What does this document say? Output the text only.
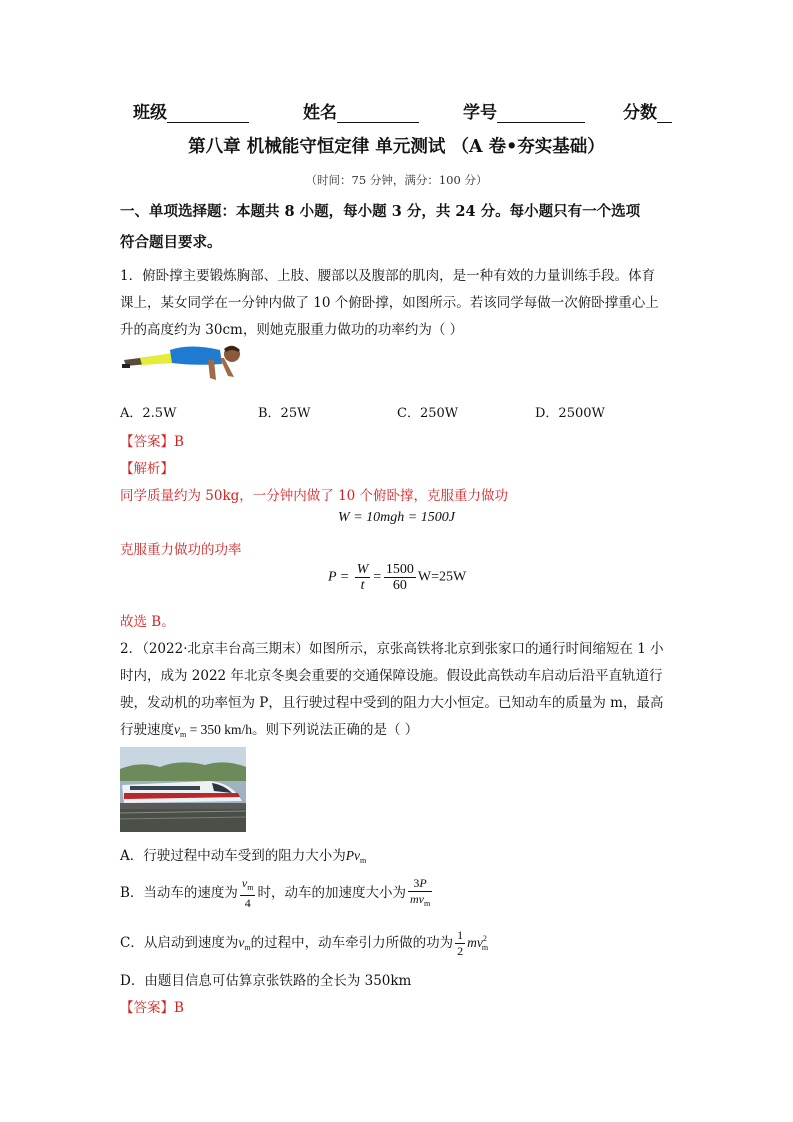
班级	姓名	学号	分数
第八章 机械能守恒定律 单元测试 （A 卷•夯实基础）
（时间：75 分钟，满分：100 分）
一、单项选择题：本题共 8 小题，每小题 3 分，共 24 分。每小题只有一个选项
符合题目要求。
1．俯卧撑主要锻炼胸部、上肢、腰部以及腹部的肌肉，是一种有效的力量训练手段。体育
课上，某女同学在一分钟内做了 10 个俯卧撑，如图所示。若该同学每做一次俯卧撑重心上
升的高度约为 30cm，则她克服重力做功的功率约为（ ）
A．2.5W	B．25W	C．250W	D．2500W
【答案】B
【解析】
同学质量约为 50kg，一分钟内做了 10 个俯卧撑，克服重力做功
W = 10mgh = 1500J
克服重力做功的功率
$P = \frac{W}{t} = \frac{1500}{60} W=25W$
故选 B。
2．（2022·北京丰台高三期末）如图所示，京张高铁将北京到张家口的通行时间缩短在 1 小
时内，成为 2022 年北京冬奥会重要的交通保障设施。假设此高铁动车启动后沿平直轨道行
驶，发动机的功率恒为 P，且行驶过程中受到的阻力大小恒定。已知动车的质量为 m，最高
行驶速度$v_m = 350$ km/h。则下列说法正确的是（ ）
A．行驶过程中动车受到的阻力大小为$Pv_m$
B．当动车的速度为 $\frac{v_m}{4}$ 时，动车的加速度大小为 $\frac{3P}{mv_m}$
C．从启动到速度为$v_m$的过程中，动车牵引力所做的功为 $\frac{1}{2} mv^2_m$
D．由题目信息可估算京张铁路的全长为 350km
【答案】B
